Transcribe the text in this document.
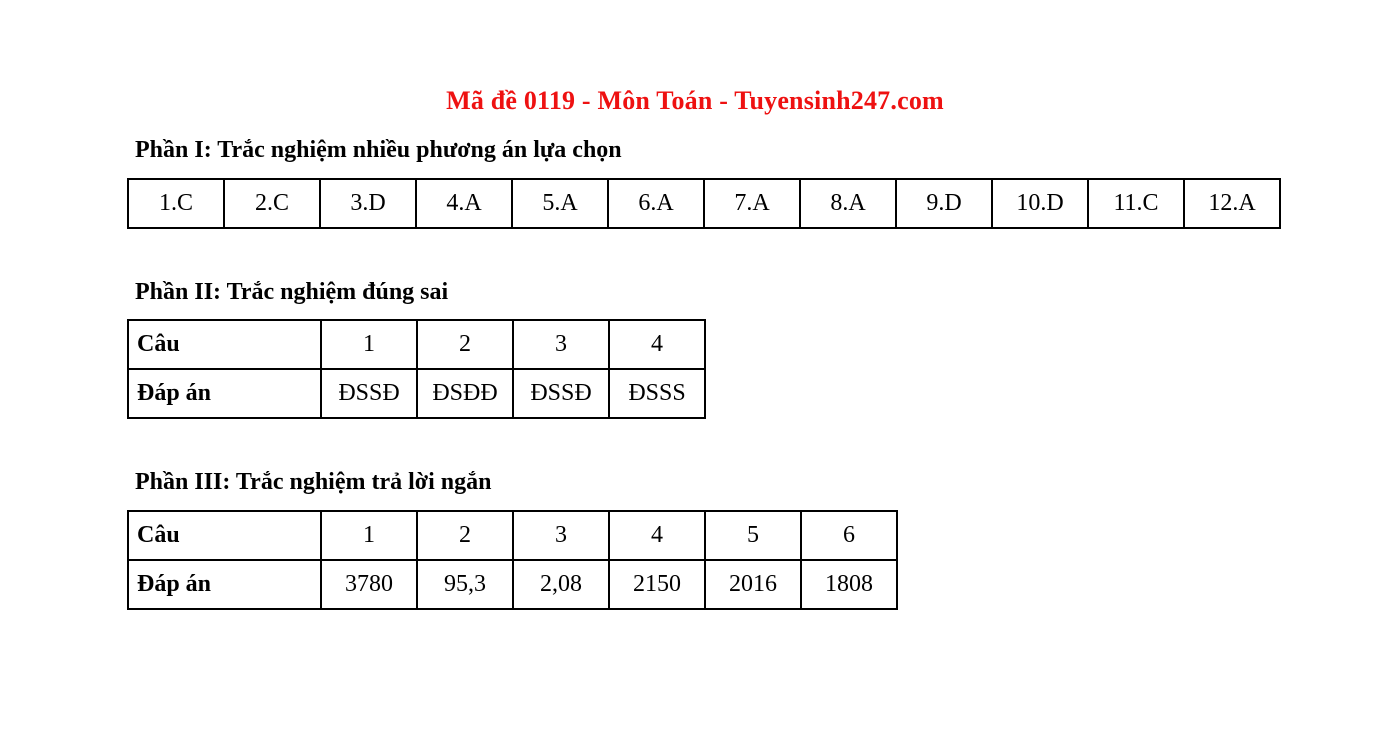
Mã đề 0119 - Môn Toán - Tuyensinh247.com
Phần I: Trắc nghiệm nhiều phương án lựa chọn
1.C	2.C	3.D	4.A	5.A	6.A	7.A	8.A	9.D	10.D	11.C	12.A
Phần II: Trắc nghiệm đúng sai
Câu	1	2	3	4
Đáp án	ĐSSĐ	ĐSĐĐ	ĐSSĐ	ĐSSS
Phần III: Trắc nghiệm trả lời ngắn
Câu	1	2	3	4	5	6
Đáp án	3780	95,3	2,08	2150	2016	1808
